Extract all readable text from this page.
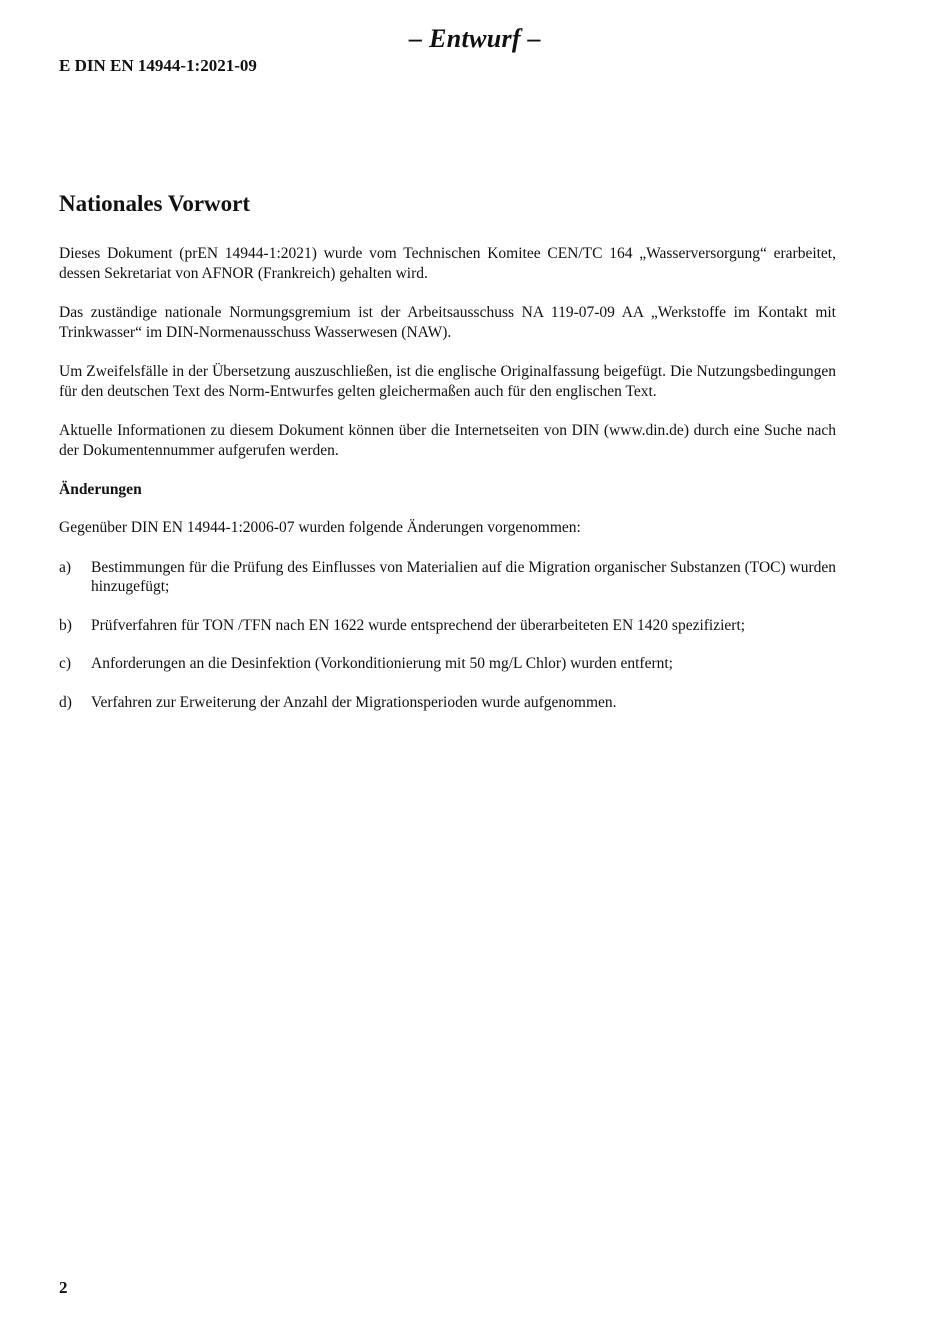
– Entwurf –
E DIN EN 14944-1:2021-09
Nationales Vorwort

Dieses Dokument (prEN 14944-1:2021) wurde vom Technischen Komitee CEN/TC 164 „Wasserversorgung“ erarbeitet, dessen Sekretariat von AFNOR (Frankreich) gehalten wird.

Das zuständige nationale Normungsgremium ist der Arbeitsausschuss NA 119-07-09 AA „Werkstoffe im Kontakt mit Trinkwasser“ im DIN-Normenausschuss Wasserwesen (NAW).

Um Zweifelsfälle in der Übersetzung auszuschließen, ist die englische Originalfassung beigefügt. Die Nutzungsbedingungen für den deutschen Text des Norm-Entwurfes gelten gleichermaßen auch für den englischen Text.

Aktuelle Informationen zu diesem Dokument können über die Internetseiten von DIN (www.din.de) durch eine Suche nach der Dokumentennummer aufgerufen werden.

Änderungen

Gegenüber DIN EN 14944-1:2006-07 wurden folgende Änderungen vorgenommen:

a)	Bestimmungen für die Prüfung des Einflusses von Materialien auf die Migration organischer Substanzen (TOC) wurden hinzugefügt;
b)	Prüfverfahren für TON /TFN nach EN 1622 wurde entsprechend der überarbeiteten EN 1420 spezifiziert;
c)	Anforderungen an die Desinfektion (Vorkonditionierung mit 50 mg/L Chlor) wurden entfernt;
d)	Verfahren zur Erweiterung der Anzahl der Migrationsperioden wurde aufgenommen.
2
